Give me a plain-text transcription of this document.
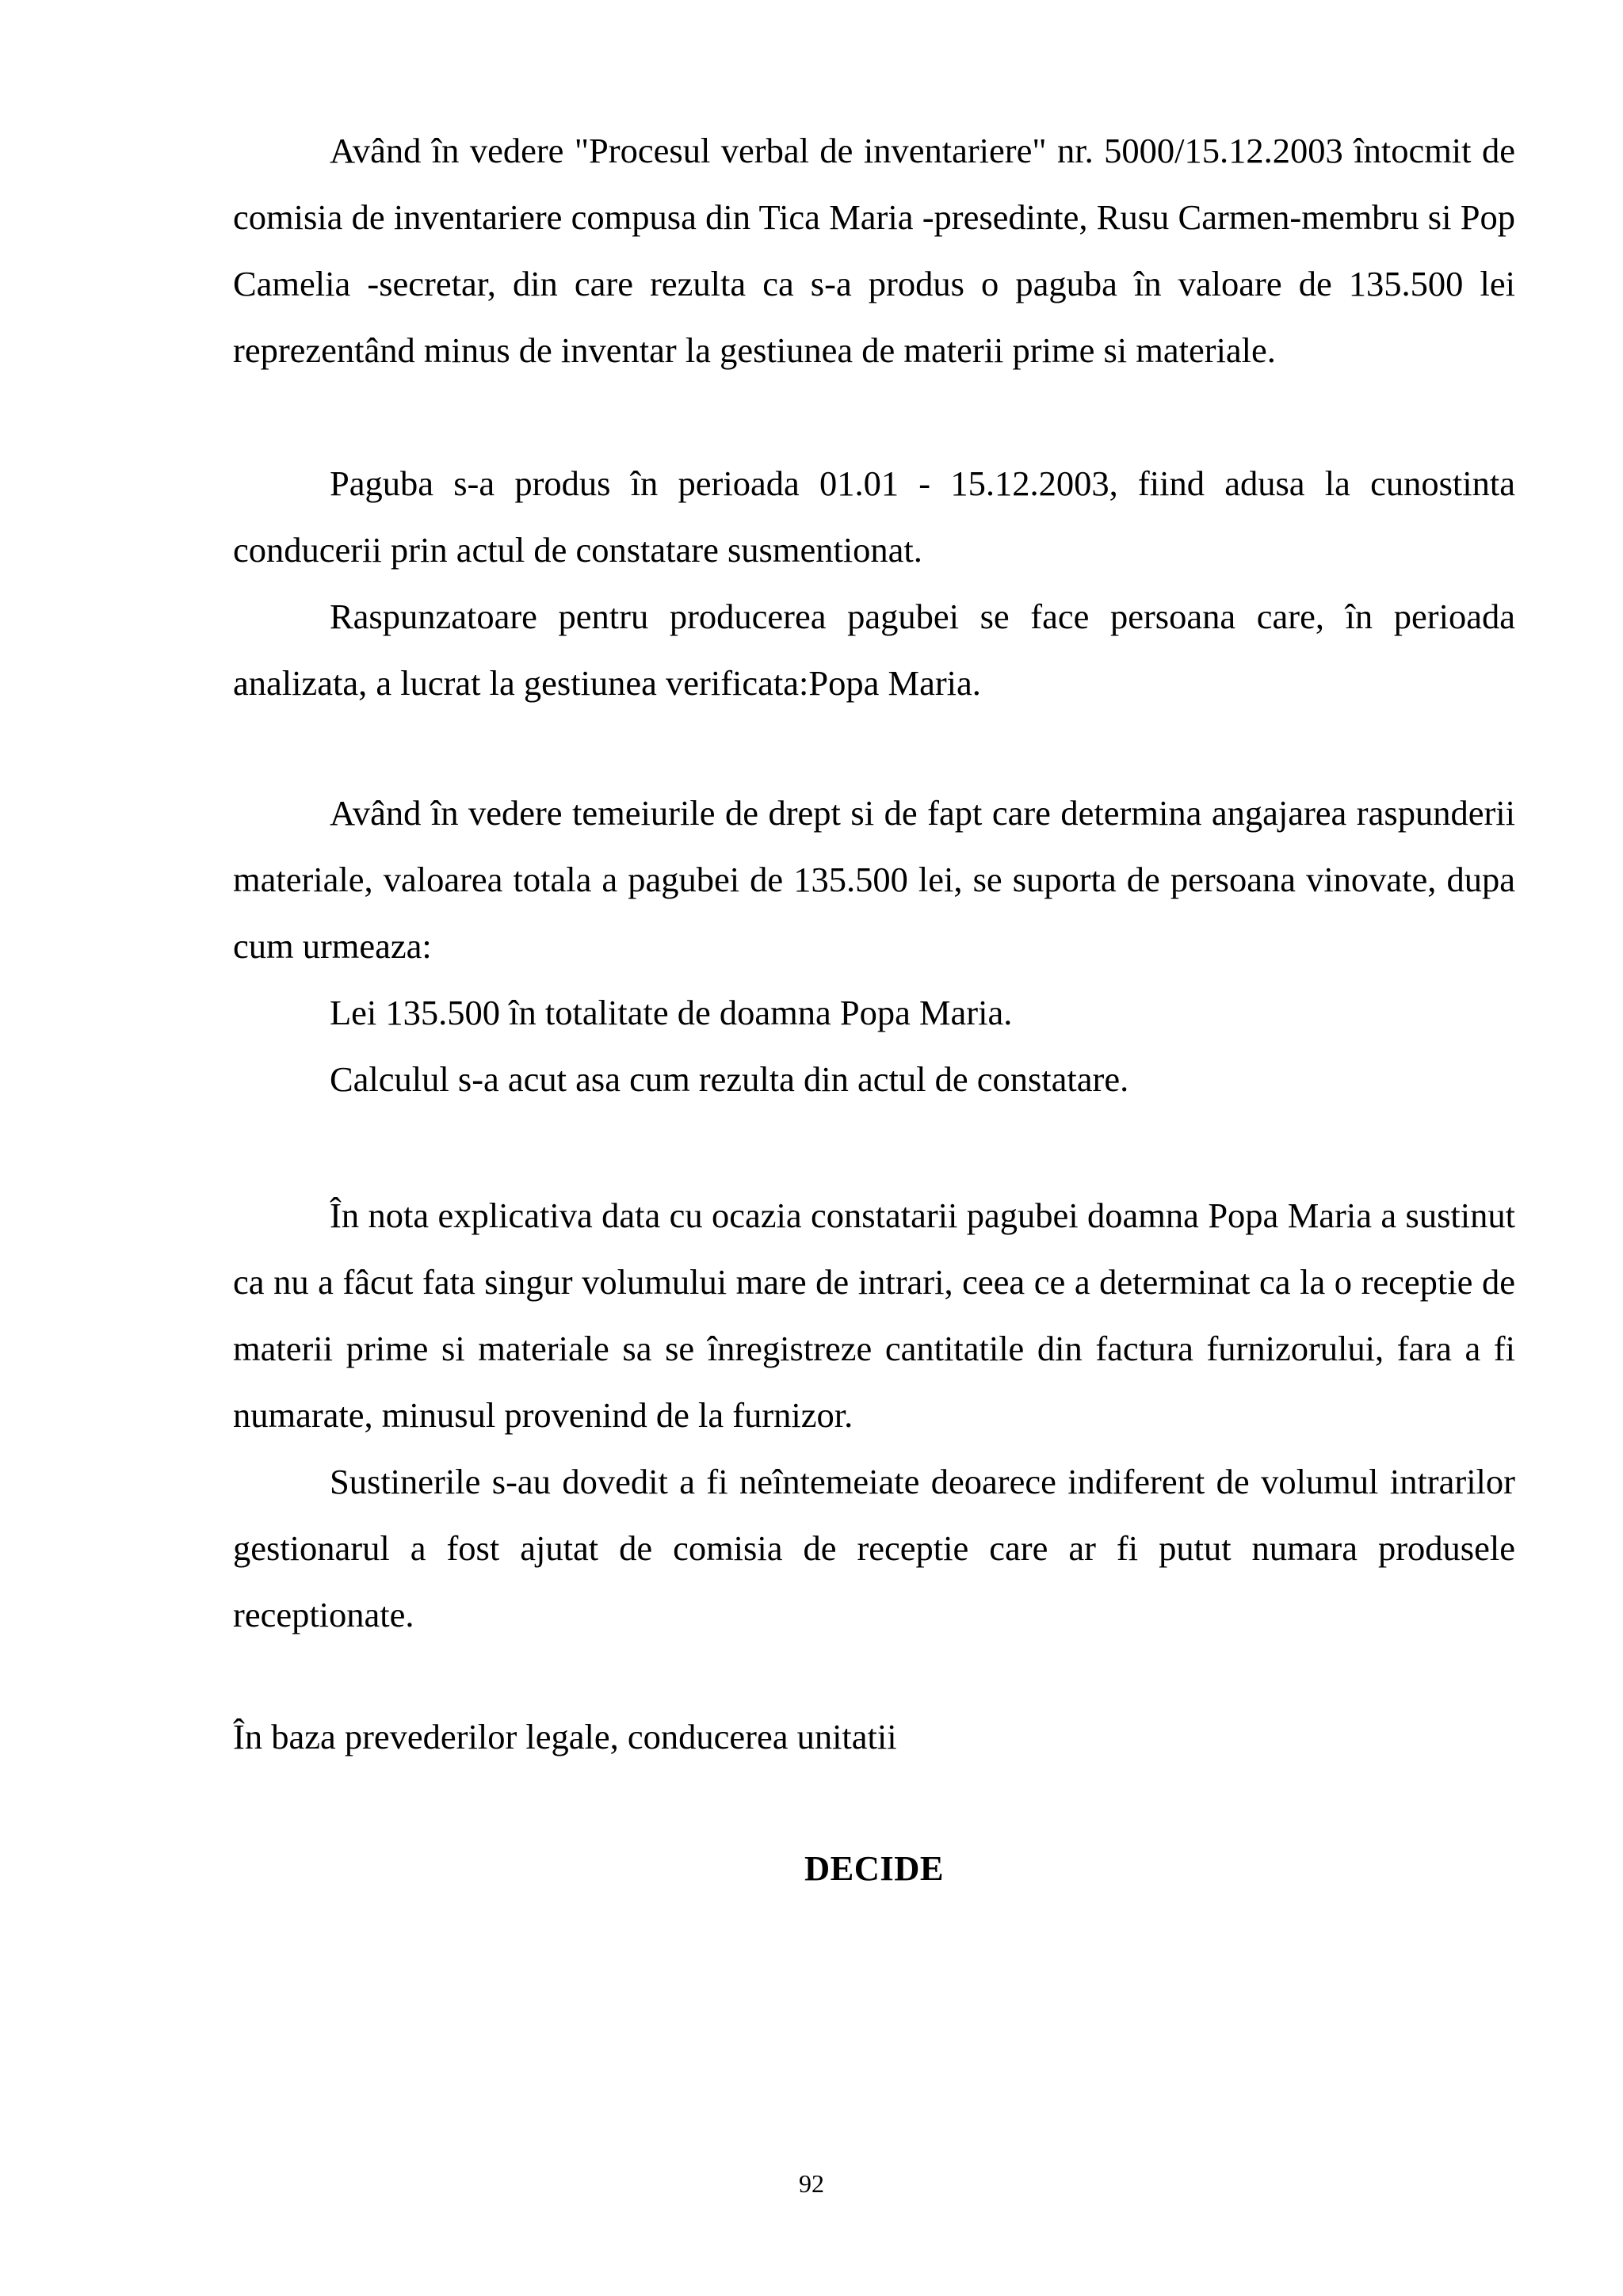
Având în vedere "Procesul verbal de inventariere" nr. 5000/15.12.2003 întocmit de comisia de inventariere compusa din Tica Maria -presedinte, Rusu Carmen-membru si Pop Camelia -secretar, din care rezulta ca s-a produs o paguba în valoare de 135.500 lei reprezentând minus de inventar la gestiunea de materii prime si materiale.

Paguba s-a produs în perioada 01.01 - 15.12.2003, fiind adusa la cunostinta conducerii prin actul de constatare susmentionat.

Raspunzatoare pentru producerea pagubei se face persoana care, în perioada analizata, a lucrat la gestiunea verificata:Popa Maria.

Având în vedere temeiurile de drept si de fapt care determina angajarea raspunderii materiale, valoarea totala a pagubei de 135.500 lei, se suporta de persoana vinovate, dupa cum urmeaza:

Lei 135.500 în totalitate de doamna Popa Maria.

Calculul s-a acut asa cum rezulta din actul de constatare.

În nota explicativa data cu ocazia constatarii pagubei doamna Popa Maria a sustinut ca nu a fâcut fata singur volumului mare de intrari, ceea ce a determinat ca la o receptie de materii prime si materiale sa se înregistreze cantitatile din factura furnizorului, fara a fi numarate, minusul provenind de la furnizor.

Sustinerile s-au dovedit a fi neîntemeiate deoarece indiferent de volumul intrarilor gestionarul a fost ajutat de comisia de receptie care ar fi putut numara produsele receptionate.

În baza prevederilor legale, conducerea unitatii

DECIDE

92
